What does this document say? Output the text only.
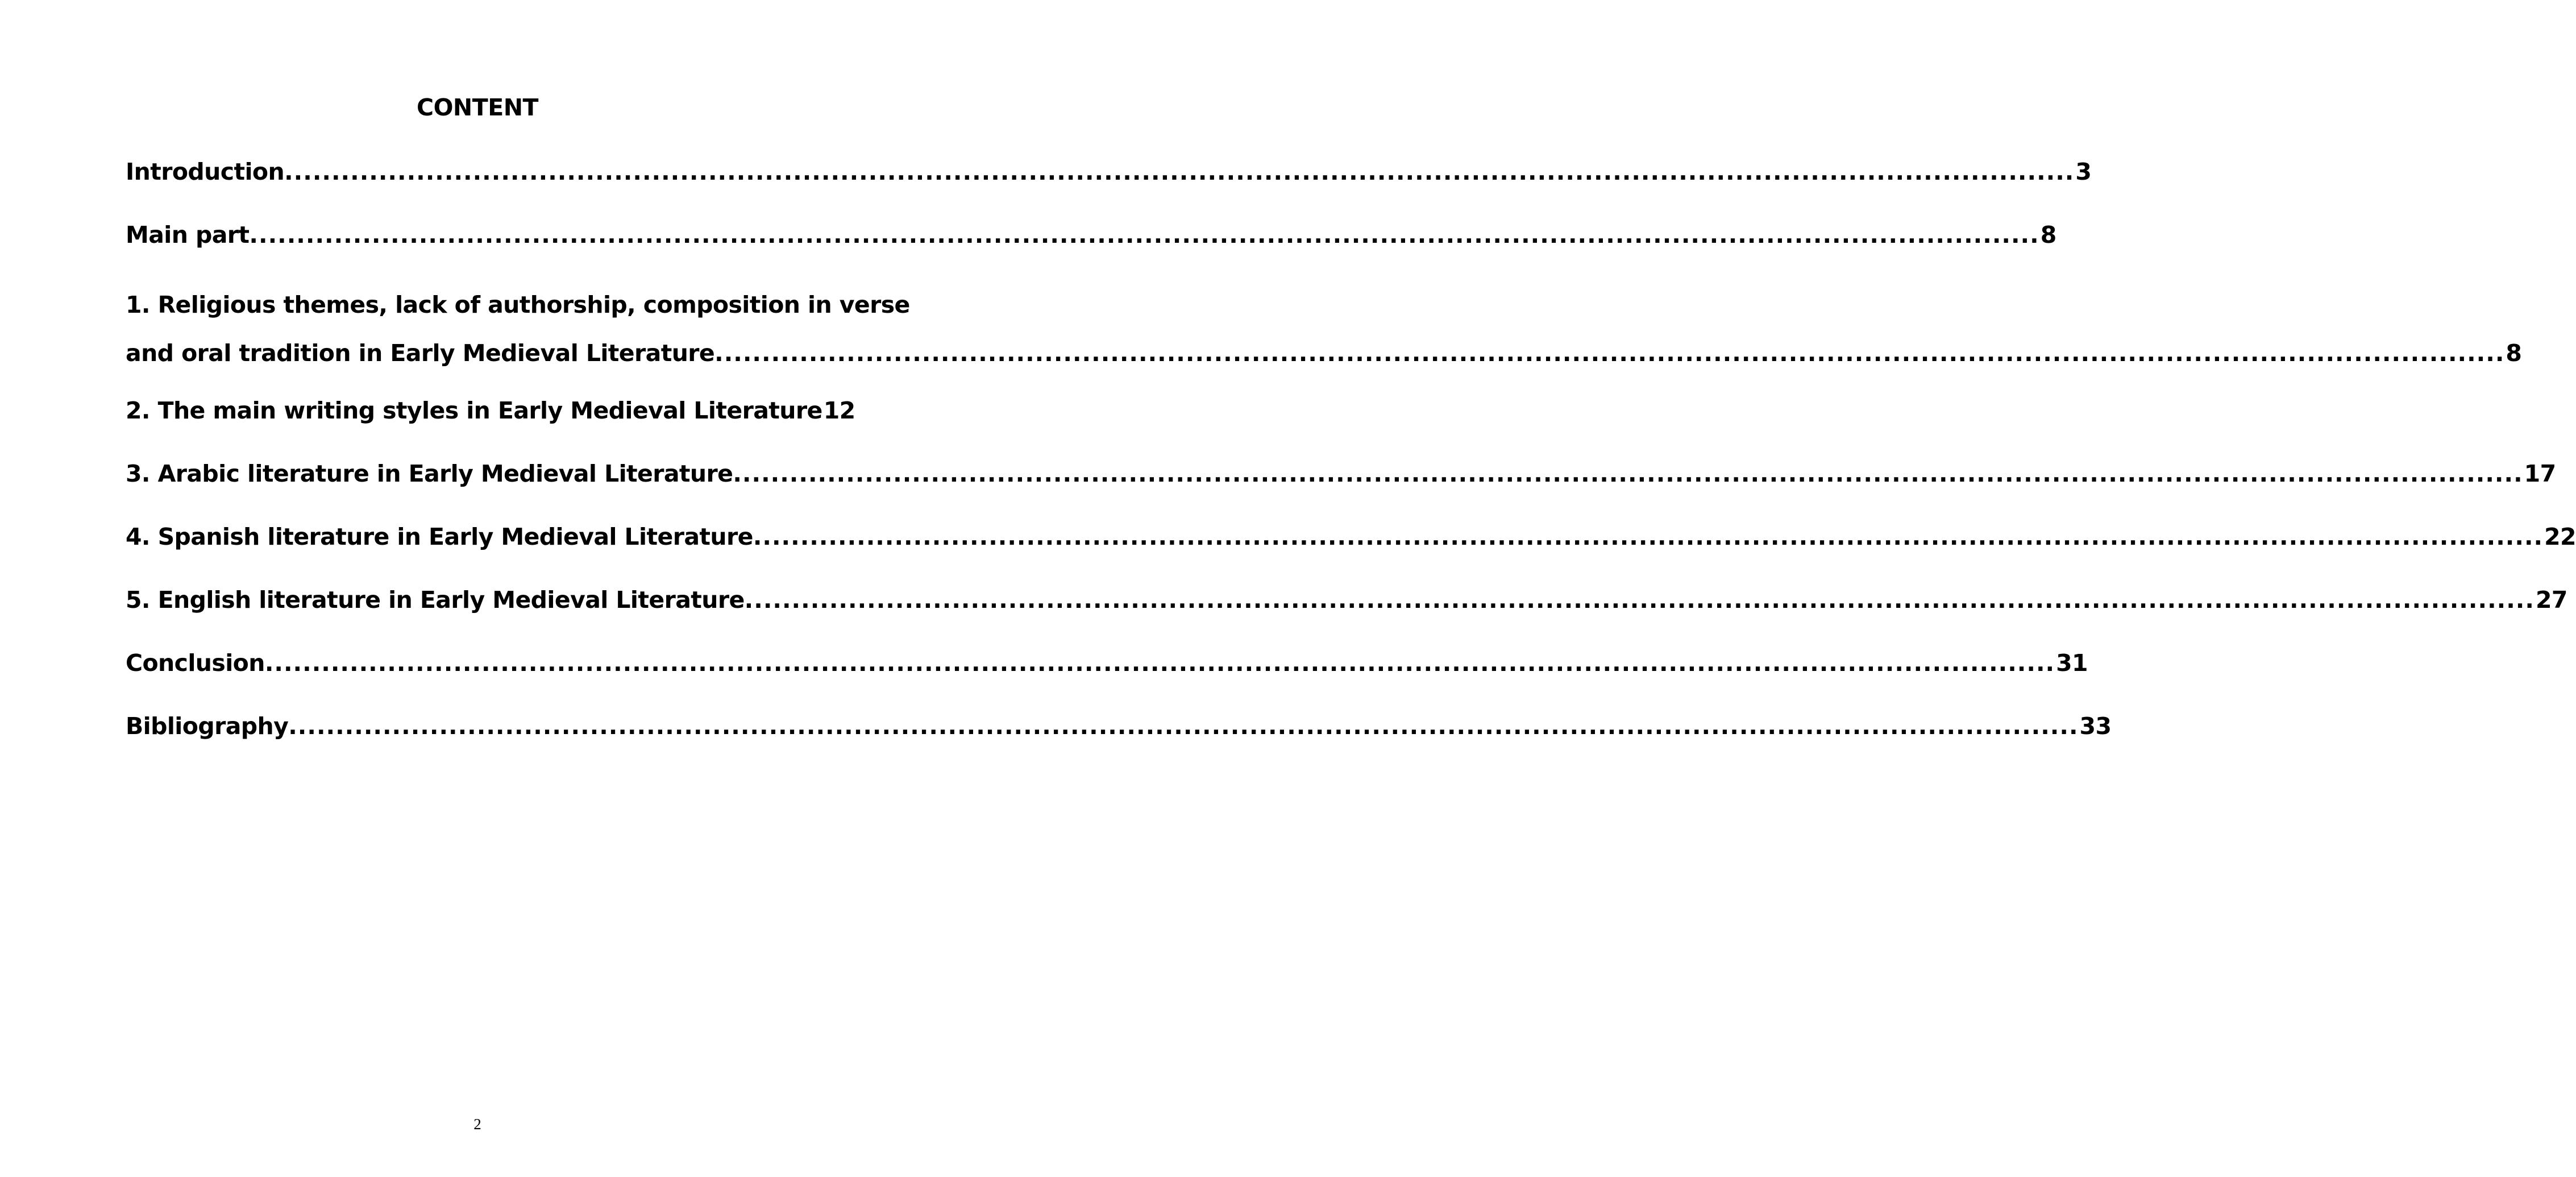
CONTENT
Introduction .....	3
Main part .....	8
1. Religious themes, lack of authorship, composition in verse
and oral tradition in Early Medieval Literature .....	8
2. The main writing styles in Early Medieval Literature 12
3. Arabic literature in Early Medieval Literature .....	17
4. Spanish literature in Early Medieval Literature .....	22
5. English literature in Early Medieval Literature .....	27
Conclusion .....	31
Bibliography .....	33
2
